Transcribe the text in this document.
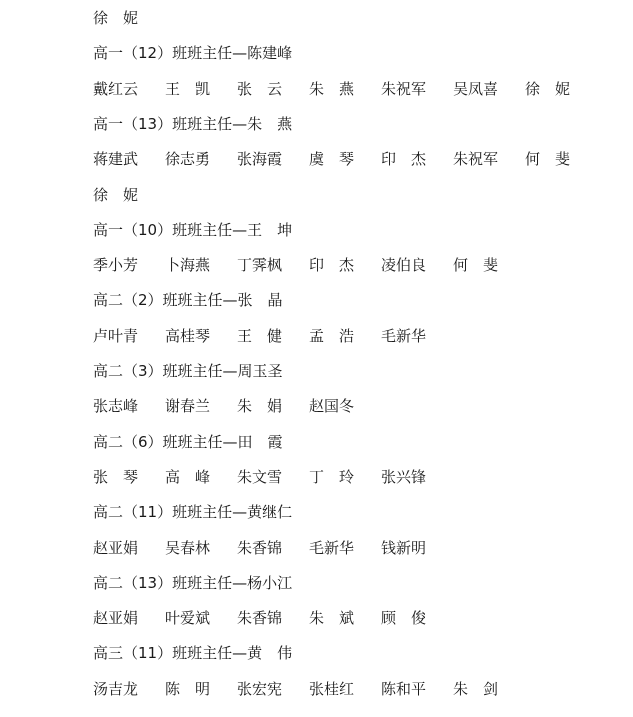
徐　妮
高一（12）班班主任—陈建峰
戴红云	王　凯	张　云	朱　燕	朱祝军	吴凤喜	徐　妮
高一（13）班班主任—朱　燕
蒋建武	徐志勇	张海霞	虞　琴	印　杰	朱祝军	何　斐
徐　妮
高一（10）班班主任—王　坤
季小芳	卜海燕	丁霁枫	印　杰	凌伯良	何　斐
高二（2）班班主任—张　晶
卢叶青	高桂琴	王　健	孟　浩	毛新华
高二（3）班班主任—周玉圣
张志峰	谢春兰	朱　娟	赵国冬
高二（6）班班主任—田　霞
张　琴	高　峰	朱文雪	丁　玲	张兴锋
高二（11）班班主任—黄继仁
赵亚娟	吴春林	朱香锦	毛新华	钱新明
高二（13）班班主任—杨小江
赵亚娟	叶爱斌	朱香锦	朱　斌	顾　俊
高三（11）班班主任—黄　伟
汤吉龙	陈　明	张宏宪	张桂红	陈和平	朱　剑
